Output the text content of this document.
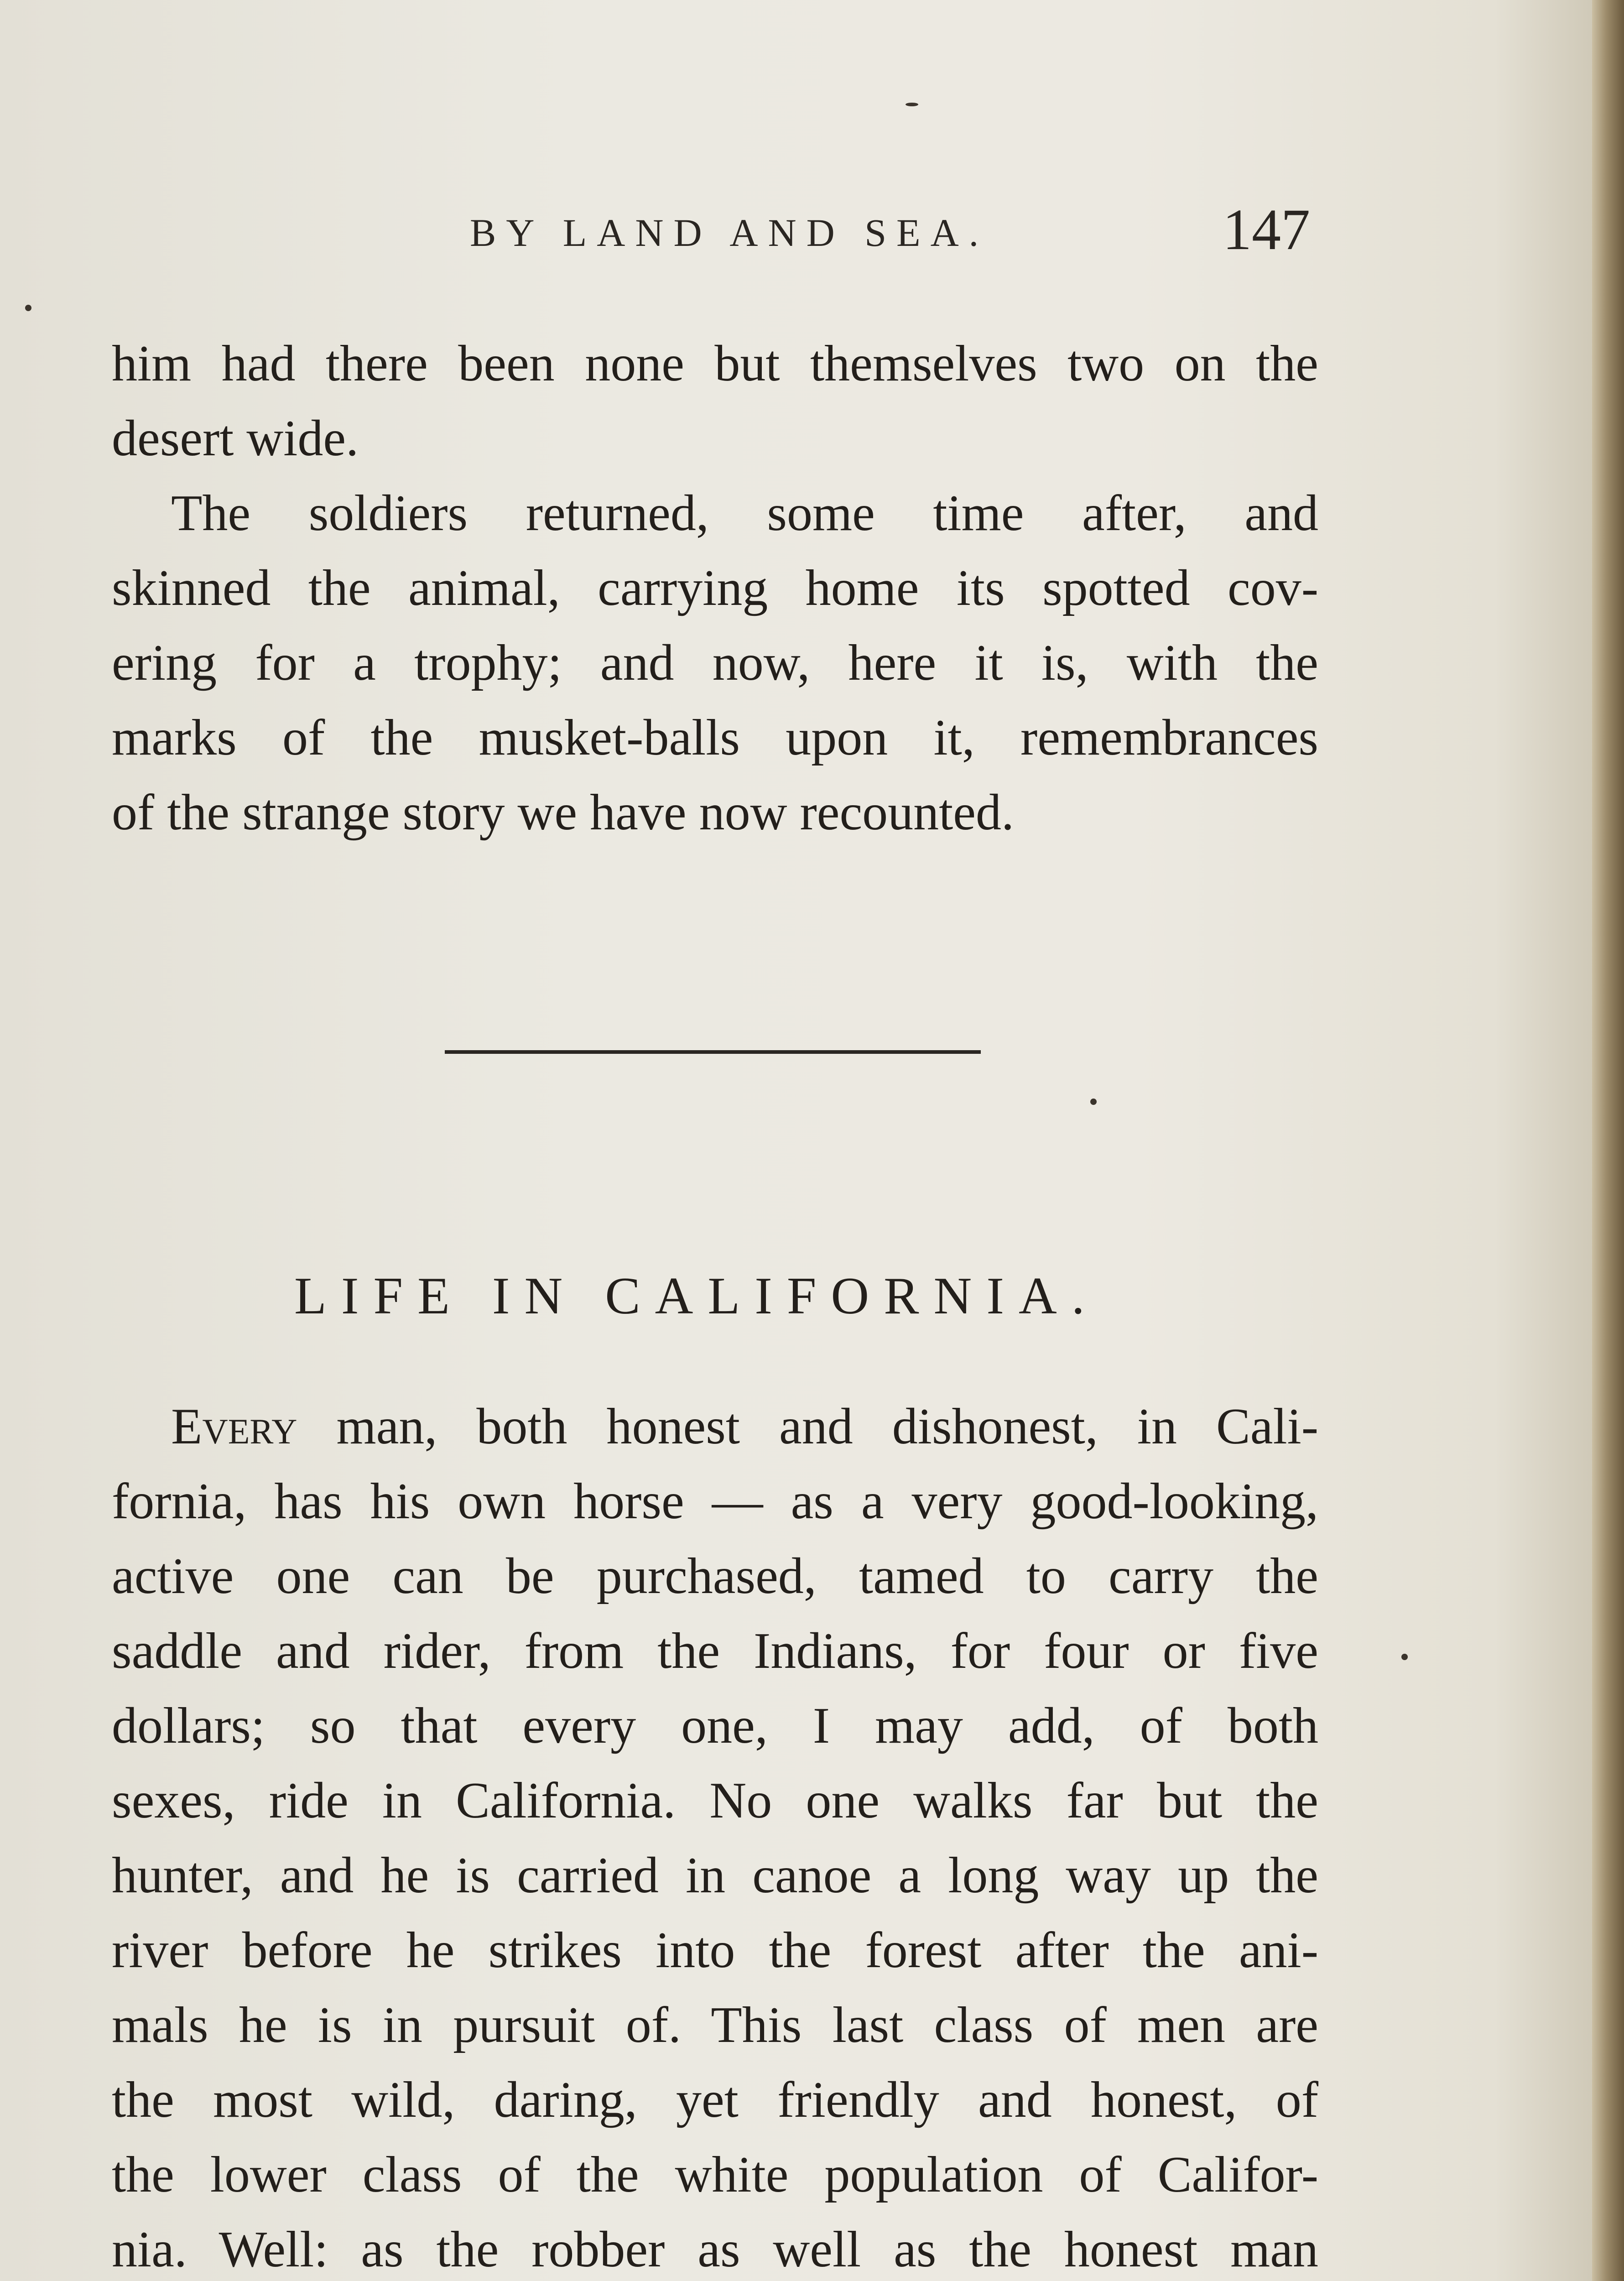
BY LAND AND SEA.	147
him had there been none but themselves two on the
desert wide.
The soldiers returned, some time after, and
skinned the animal, carrying home its spotted cov-
ering for a trophy; and now, here it is, with the
marks of the musket-balls upon it, remembrances
of the strange story we have now recounted.
LIFE IN CALIFORNIA.
Every man, both honest and dishonest, in Cali-
fornia, has his own horse — as a very good-looking,
active one can be purchased, tamed to carry the
saddle and rider, from the Indians, for four or five
dollars; so that every one, I may add, of both
sexes, ride in California. No one walks far but the
hunter, and he is carried in canoe a long way up the
river before he strikes into the forest after the ani-
mals he is in pursuit of. This last class of men are
the most wild, daring, yet friendly and honest, of
the lower class of the white population of Califor-
nia. Well: as the robber as well as the honest man
